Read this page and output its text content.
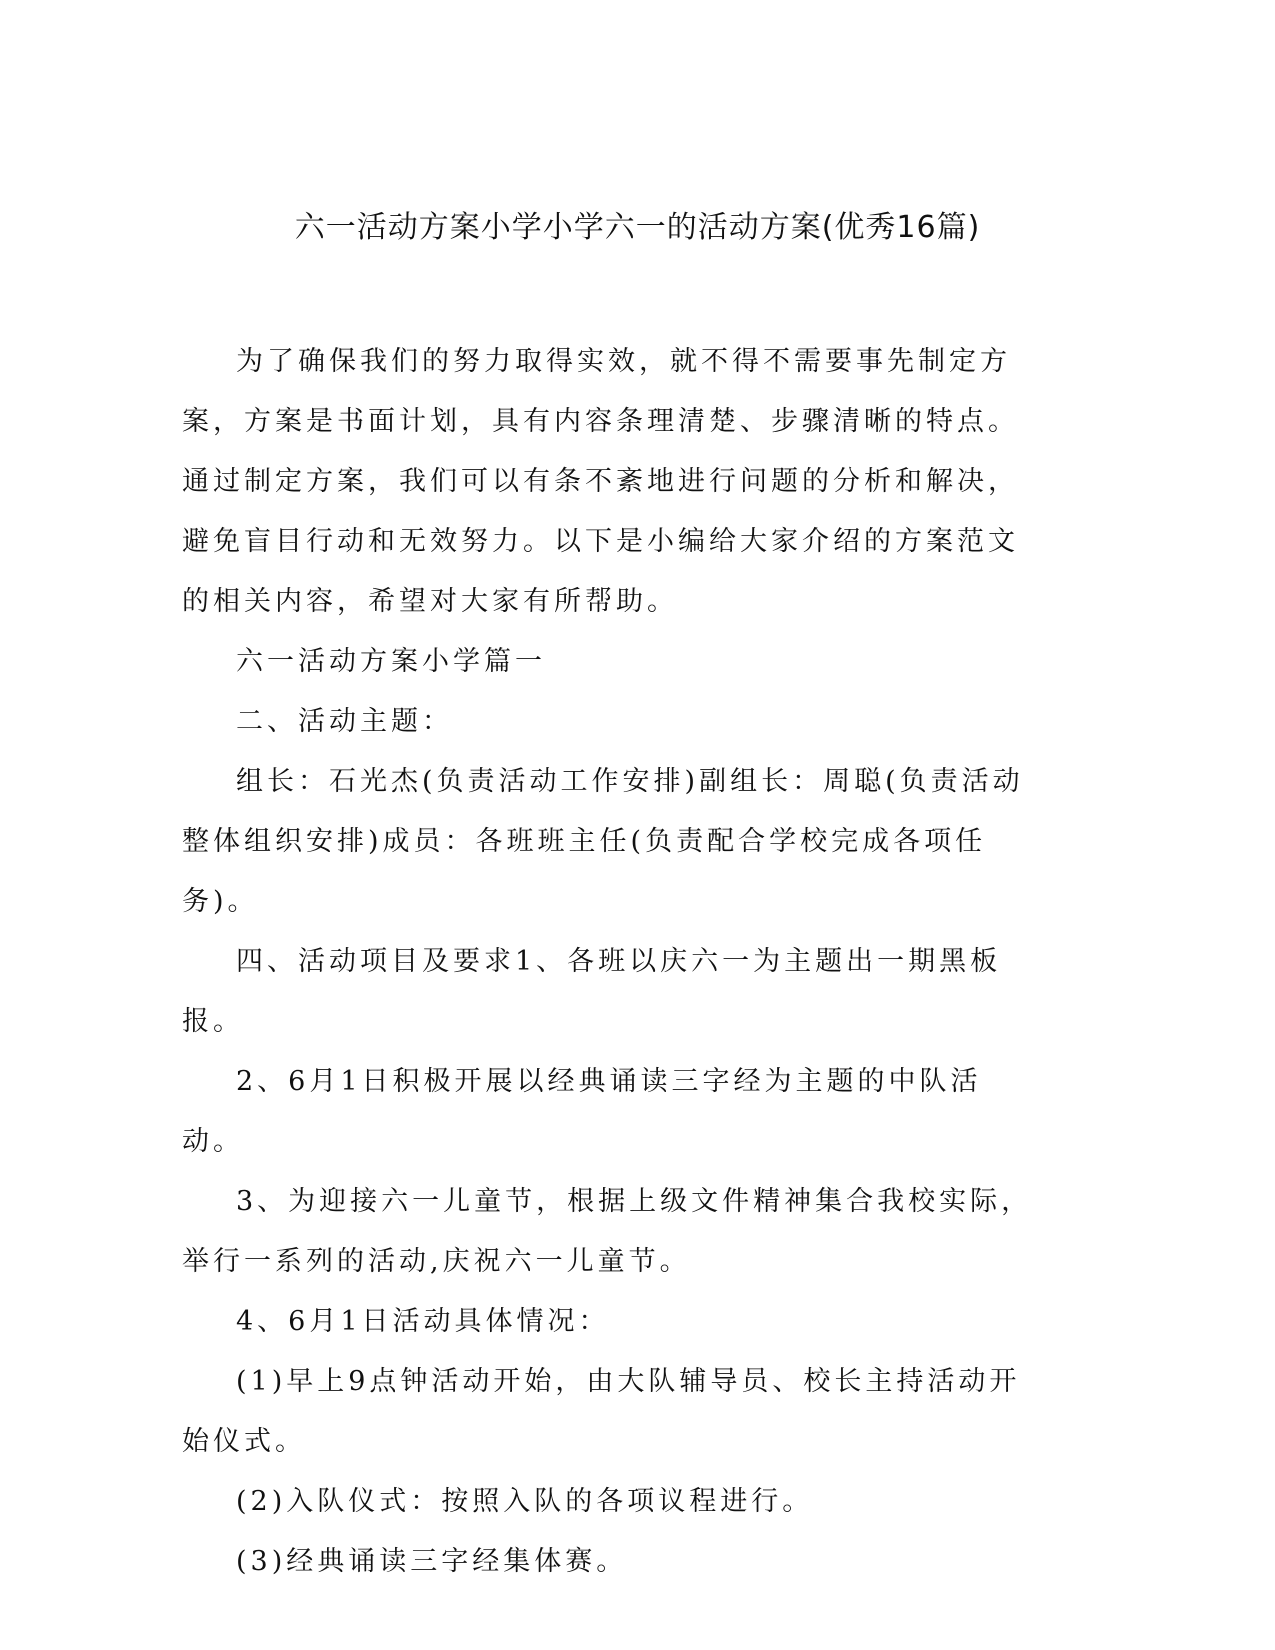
六一活动方案小学小学六一的活动方案(优秀16篇)

为了确保我们的努力取得实效，就不得不需要事先制定方案，方案是书面计划，具有内容条理清楚、步骤清晰的特点。通过制定方案，我们可以有条不紊地进行问题的分析和解决，避免盲目行动和无效努力。以下是小编给大家介绍的方案范文的相关内容，希望对大家有所帮助。

六一活动方案小学篇一

二、活动主题：

组长：石光杰(负责活动工作安排)副组长：周聪(负责活动整体组织安排)成员：各班班主任(负责配合学校完成各项任务)。

四、活动项目及要求1、各班以庆六一为主题出一期黑板报。

2、6月1日积极开展以经典诵读三字经为主题的中队活动。

3、为迎接六一儿童节，根据上级文件精神集合我校实际，举行一系列的活动,庆祝六一儿童节。

4、6月1日活动具体情况：

(1)早上9点钟活动开始，由大队辅导员、校长主持活动开始仪式。

(2)入队仪式：按照入队的各项议程进行。

(3)经典诵读三字经集体赛。
